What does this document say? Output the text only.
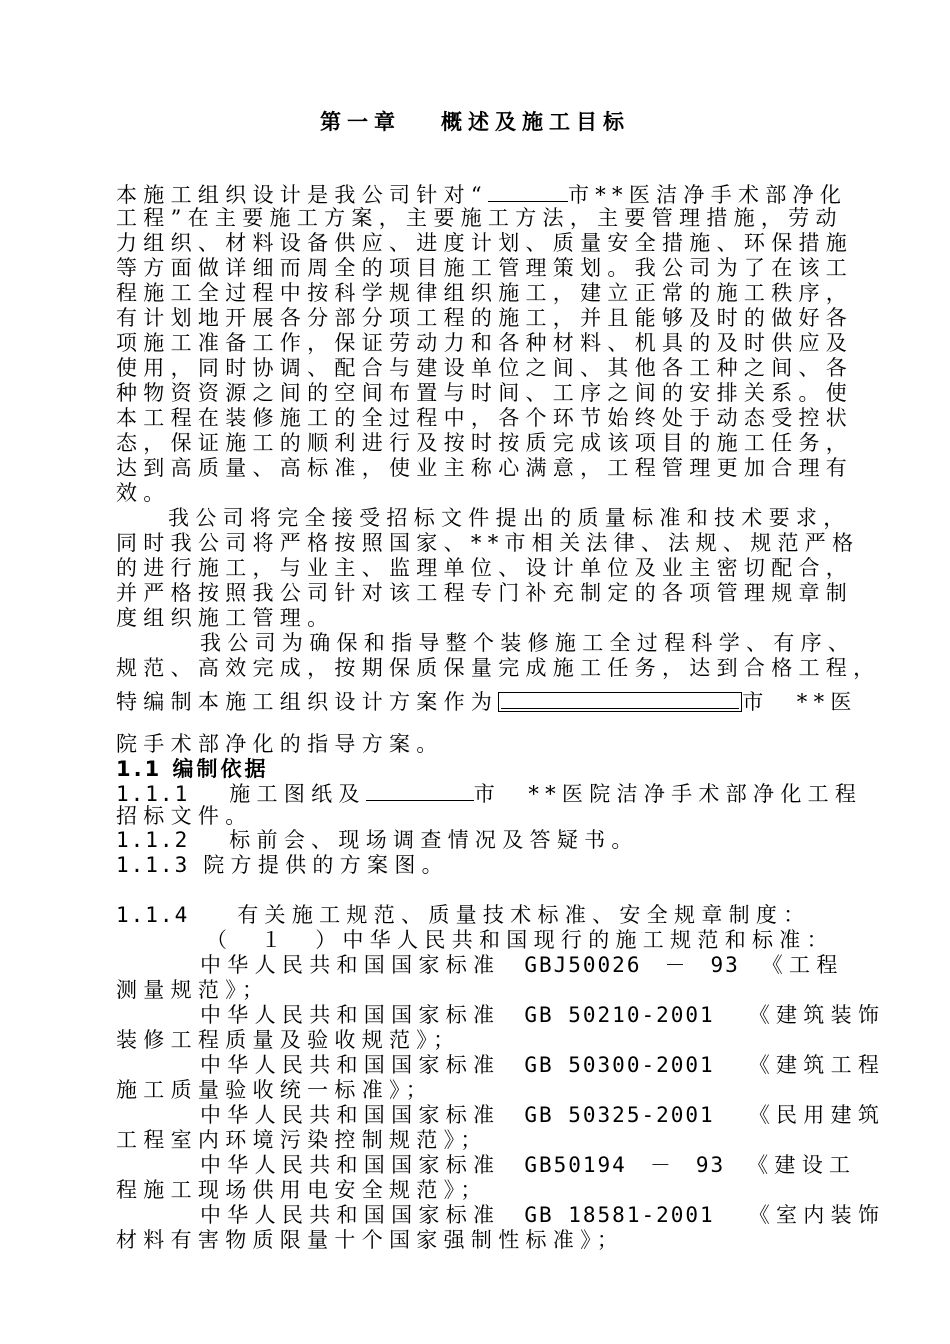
第一章 概述及施工目标
本施工组织设计是我公司针对“	市**医洁净手术部净化
工程”在主要施工方案，主要施工方法，主要管理措施，劳动
力组织、材料设备供应、进度计划、质量安全措施、环保措施
等方面做详细而周全的项目施工管理策划。我公司为了在该工
程施工全过程中按科学规律组织施工，建立正常的施工秩序，
有计划地开展各分部分项工程的施工，并且能够及时的做好各
项施工准备工作，保证劳动力和各种材料、机具的及时供应及
使用，同时协调、配合与建设单位之间、其他各工种之间、各
种物资资源之间的空间布置与时间、工序之间的安排关系。使
本工程在装修施工的全过程中，各个环节始终处于动态受控状
态，保证施工的顺利进行及按时按质完成该项目的施工任务，
达到高质量、高标准，使业主称心满意，工程管理更加合理有
效。
我公司将完全接受招标文件提出的质量标准和技术要求，
同时我公司将严格按照国家、**市相关法律、法规、规范严格
的进行施工，与业主、监理单位、设计单位及业主密切配合，
并严格按照我公司针对该工程专门补充制定的各项管理规章制
度组织施工管理。
我公司为确保和指导整个装修施工全过程科学、有序、
规范、高效完成，按期保质保量完成施工任务，达到合格工程，
特编制本施工组织设计方案作为	市　**医
院手术部净化的指导方案。
1.1 编制依据
1.1.1 施工图纸及	市　**医院洁净手术部净化工程
招标文件。
1.1.2 标前会、现场调查情况及答疑书。
1.1.3 院方提供的方案图。
1.1.4 有关施工规范、质量技术标准、安全规章制度：
（　１　）中华人民共和国现行的施工规范和标准：
中华人民共和国国家标准 GBJ50026　－　93 《工程
测量规范》；
中华人民共和国国家标准 GB 50210-2001 《建筑装饰
装修工程质量及验收规范》；
中华人民共和国国家标准 GB 50300-2001 《建筑工程
施工质量验收统一标准》；
中华人民共和国国家标准 GB 50325-2001 《民用建筑
工程室内环境污染控制规范》；
中华人民共和国国家标准 GB50194　－　93 《建设工
程施工现场供用电安全规范》；
中华人民共和国国家标准 GB 18581-2001 《室内装饰
材料有害物质限量十个国家强制性标准》；
